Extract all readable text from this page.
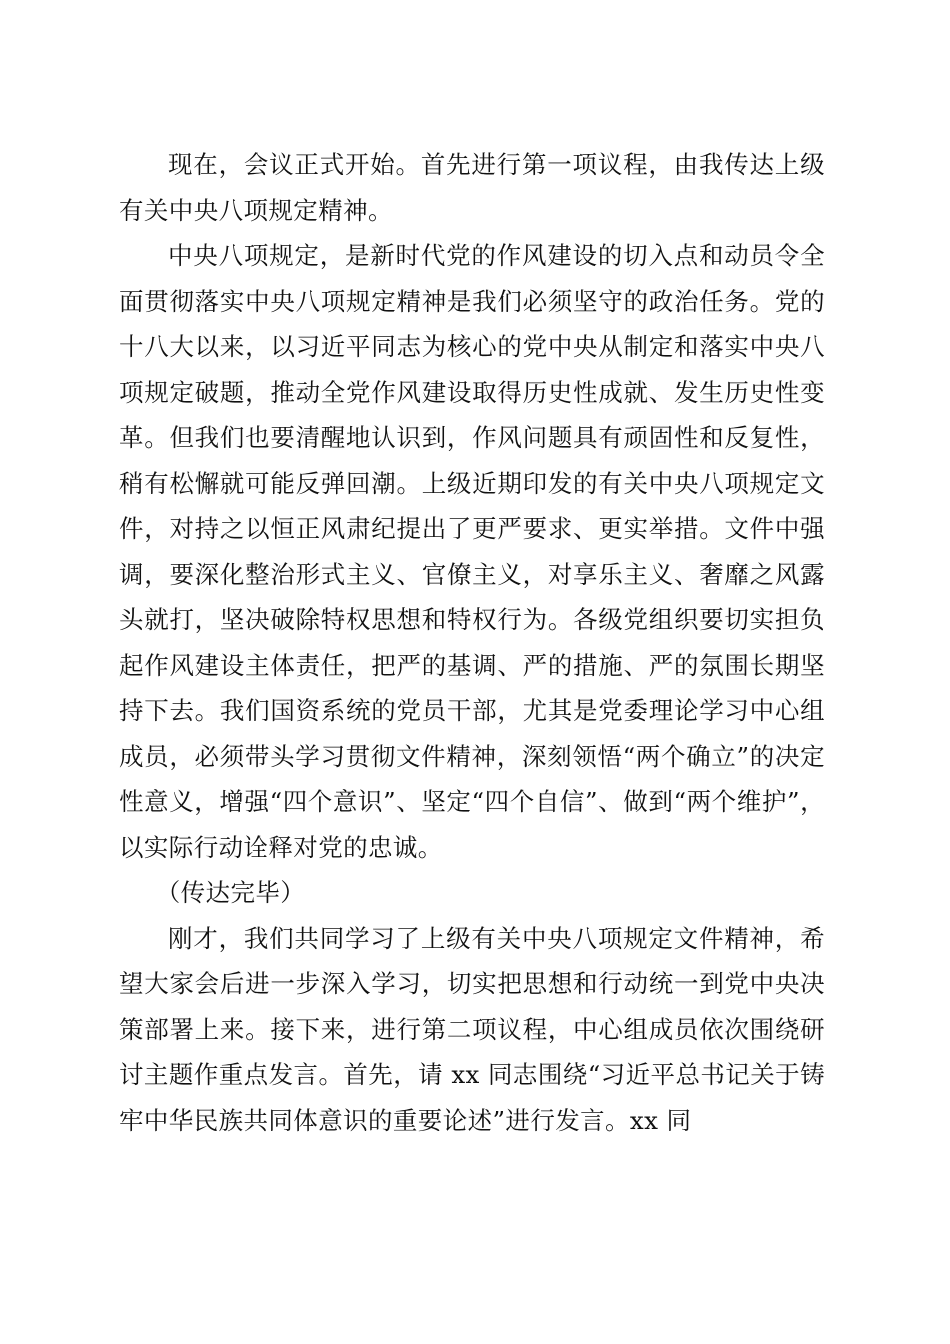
现在，会议正式开始。首先进行第一项议程，由我传达上级有关中央八项规定精神。

中央八项规定，是新时代党的作风建设的切入点和动员令全面贯彻落实中央八项规定精神是我们必须坚守的政治任务。党的十八大以来，以习近平同志为核心的党中央从制定和落实中央八项规定破题，推动全党作风建设取得历史性成就、发生历史性变革。但我们也要清醒地认识到，作风问题具有顽固性和反复性，稍有松懈就可能反弹回潮。上级近期印发的有关中央八项规定文件，对持之以恒正风肃纪提出了更严要求、更实举措。文件中强调，要深化整治形式主义、官僚主义，对享乐主义、奢靡之风露头就打，坚决破除特权思想和特权行为。各级党组织要切实担负起作风建设主体责任，把严的基调、严的措施、严的氛围长期坚持下去。我们国资系统的党员干部，尤其是党委理论学习中心组成员，必须带头学习贯彻文件精神，深刻领悟“两个确立”的决定性意义，增强“四个意识”、坚定“四个自信”、做到“两个维护”，以实际行动诠释对党的忠诚。

（传达完毕）

刚才，我们共同学习了上级有关中央八项规定文件精神，希望大家会后进一步深入学习，切实把思想和行动统一到党中央决策部署上来。接下来，进行第二项议程，中心组成员依次围绕研讨主题作重点发言。首先，请 xx 同志围绕“习近平总书记关于铸牢中华民族共同体意识的重要论述”进行发言。xx 同
